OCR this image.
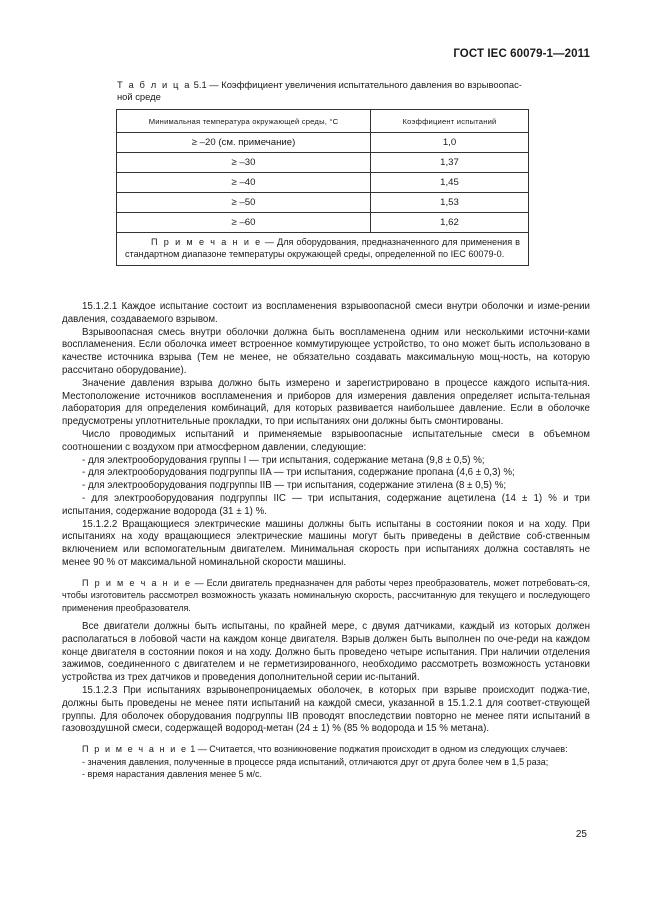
ГОСТ IEC 60079-1—2011
Т а б л и ц а 5.1 — Коэффициент увеличения испытательного давления во взрывоопас-ной среде
Минимальная температура окружающей среды, °С	Коэффициент испытаний
≥ –20 (см. примечание)	1,0
≥ –30	1,37
≥ –40	1,45
≥ –50	1,53
≥ –60	1,62
П р и м е ч а н и е — Для оборудования, предназначенного для применения в стандартном диапазоне температуры окружающей среды, определенной по IEC 60079-0.	

15.1.2.1 Каждое испытание состоит из воспламенения взрывоопасной смеси внутри оболочки и изме-рении давления, создаваемого взрывом.

Взрывоопасная смесь внутри оболочки должна быть воспламенена одним или несколькими источни-ками воспламенения. Если оболочка имеет встроенное коммутирующее устройство, то оно может быть использовано в качестве источника взрыва (Тем не менее, не обязательно создавать максимальную мощ-ность, на которую рассчитано оборудование).

Значение давления взрыва должно быть измерено и зарегистрировано в процессе каждого испыта-ния. Местоположение источников воспламенения и приборов для измерения давления определяет испыта-тельная лаборатория для определения комбинаций, для которых развивается наибольшее давление. Если в оболочке предусмотрены уплотнительные прокладки, то при испытаниях они должны быть смонтированы.

Число проводимых испытаний и применяемые взрывоопасные испытательные смеси в объемном соотношении с воздухом при атмосферном давлении, следующие:

- для электрооборудования группы I — три испытания, содержание метана (9,8 ± 0,5) %;

- для электрооборудования подгруппы IIA — три испытания, содержание пропана (4,6 ± 0,3) %;

- для электрооборудования подгруппы IIB — три испытания, содержание этилена (8 ± 0,5) %;

- для электрооборудования подгруппы IIC — три испытания, содержание ацетилена (14 ± 1) % и три испытания, содержание водорода (31 ± 1) %.

15.1.2.2 Вращающиеся электрические машины должны быть испытаны в состоянии покоя и на ходу. При испытаниях на ходу вращающиеся электрические машины могут быть приведены в действие соб-ственным включением или вспомогательным двигателем. Минимальная скорость при испытаниях должна составлять не менее 90 % от максимальной номинальной скорости машины.

П р и м е ч а н и е — Если двигатель предназначен для работы через преобразователь, может потребовать-ся, чтобы изготовитель рассмотрел возможность указать номинальную скорость, рассчитанную для текущего и последующего применения преобразователя.

Все двигатели должны быть испытаны, по крайней мере, с двумя датчиками, каждый из которых должен располагаться в лобовой части на каждом конце двигателя. Взрыв должен быть выполнен по оче-реди на каждом конце двигателя в состоянии покоя и на ходу. Должно быть проведено четыре испытания. При наличии отделения зажимов, соединенного с двигателем и не герметизированного, необходимо рассмотреть возможность установки устройства из трех датчиков и проведения дополнительной серии ис-пытаний.

15.1.2.3 При испытаниях взрывонепроницаемых оболочек, в которых при взрыве происходит поджа-тие, должны быть проведены не менее пяти испытаний на каждой смеси, указанной в 15.1.2.1 для соответ-ствующей группы. Для оболочек оборудования подгруппы IIB проводят впоследствии повторно не менее пяти испытаний в газовоздушной смеси, содержащей водород-метан (24 ± 1) % (85 % водорода и 15 % метана).

П р и м е ч а н и е 1 — Считается, что возникновение поджатия происходит в одном из следующих случаев:

- значения давления, полученные в процессе ряда испытаний, отличаются друг от друга более чем в 1,5 раза;

- время нарастания давления менее 5 м/с.

25
